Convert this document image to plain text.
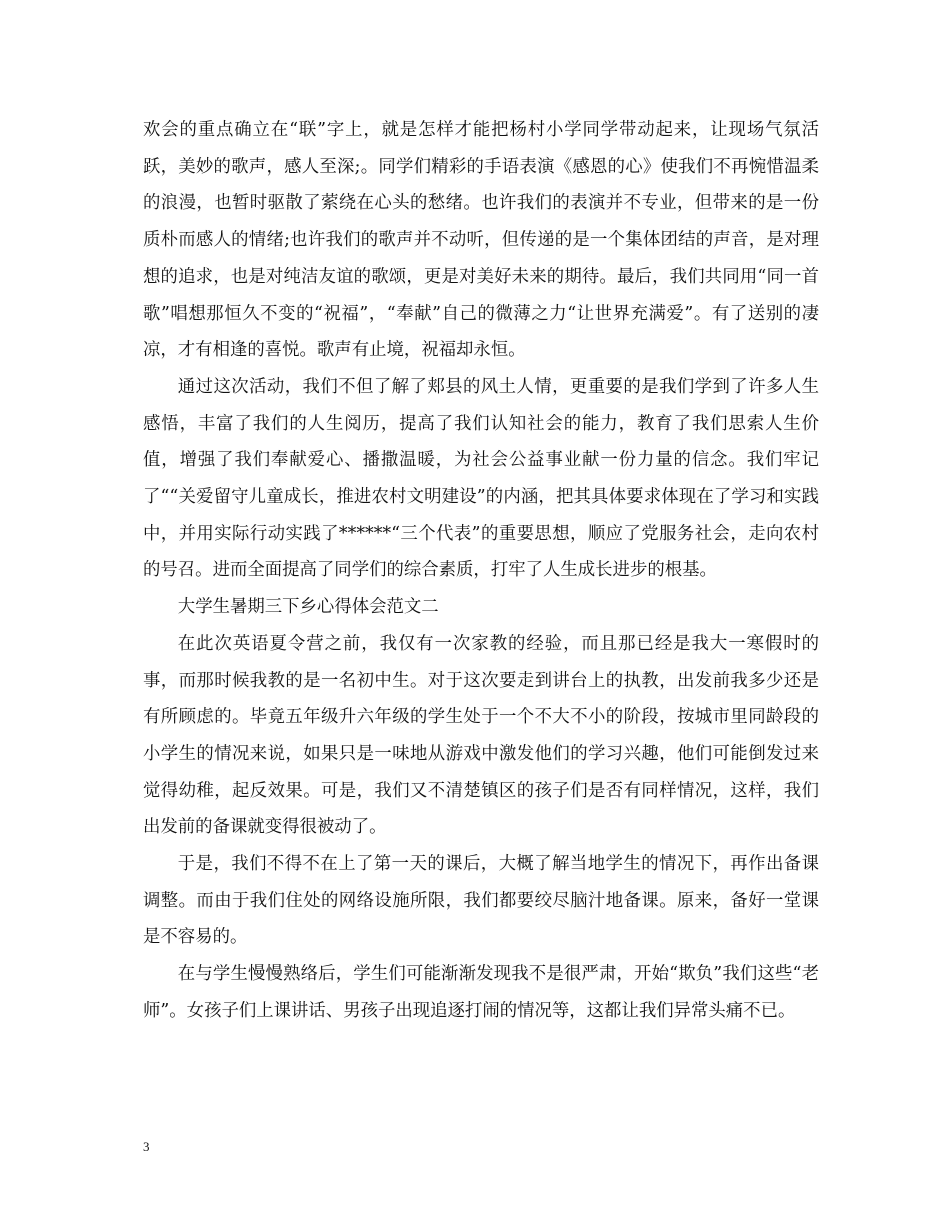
欢会的重点确立在“联”字上，就是怎样才能把杨村小学同学带动起来，让现场气氛活跃，美妙的歌声，感人至深;。同学们精彩的手语表演《感恩的心》使我们不再惋惜温柔的浪漫，也暂时驱散了萦绕在心头的愁绪。也许我们的表演并不专业，但带来的是一份质朴而感人的情绪;也许我们的歌声并不动听，但传递的是一个集体团结的声音，是对理想的追求，也是对纯洁友谊的歌颂，更是对美好未来的期待。最后，我们共同用“同一首歌”唱想那恒久不变的“祝福”，“奉献”自己的微薄之力“让世界充满爱”。有了送别的凄凉，才有相逢的喜悦。歌声有止境，祝福却永恒。

通过这次活动，我们不但了解了郏县的风土人情，更重要的是我们学到了许多人生感悟，丰富了我们的人生阅历，提高了我们认知社会的能力，教育了我们思索人生价值，增强了我们奉献爱心、播撒温暖，为社会公益事业献一份力量的信念。我们牢记了““关爱留守儿童成长，推进农村文明建设”的内涵，把其具体要求体现在了学习和实践中，并用实际行动实践了******“三个代表”的重要思想，顺应了党服务社会，走向农村的号召。进而全面提高了同学们的综合素质，打牢了人生成长进步的根基。

大学生暑期三下乡心得体会范文二

在此次英语夏令营之前，我仅有一次家教的经验，而且那已经是我大一寒假时的事，而那时候我教的是一名初中生。对于这次要走到讲台上的执教，出发前我多少还是有所顾虑的。毕竟五年级升六年级的学生处于一个不大不小的阶段，按城市里同龄段的小学生的情况来说，如果只是一味地从游戏中激发他们的学习兴趣，他们可能倒发过来觉得幼稚，起反效果。可是，我们又不清楚镇区的孩子们是否有同样情况，这样，我们出发前的备课就变得很被动了。

于是，我们不得不在上了第一天的课后，大概了解当地学生的情况下，再作出备课调整。而由于我们住处的网络设施所限，我们都要绞尽脑汁地备课。原来，备好一堂课是不容易的。

在与学生慢慢熟络后，学生们可能渐渐发现我不是很严肃，开始“欺负”我们这些“老师”。女孩子们上课讲话、男孩子出现追逐打闹的情况等，这都让我们异常头痛不已。

3
